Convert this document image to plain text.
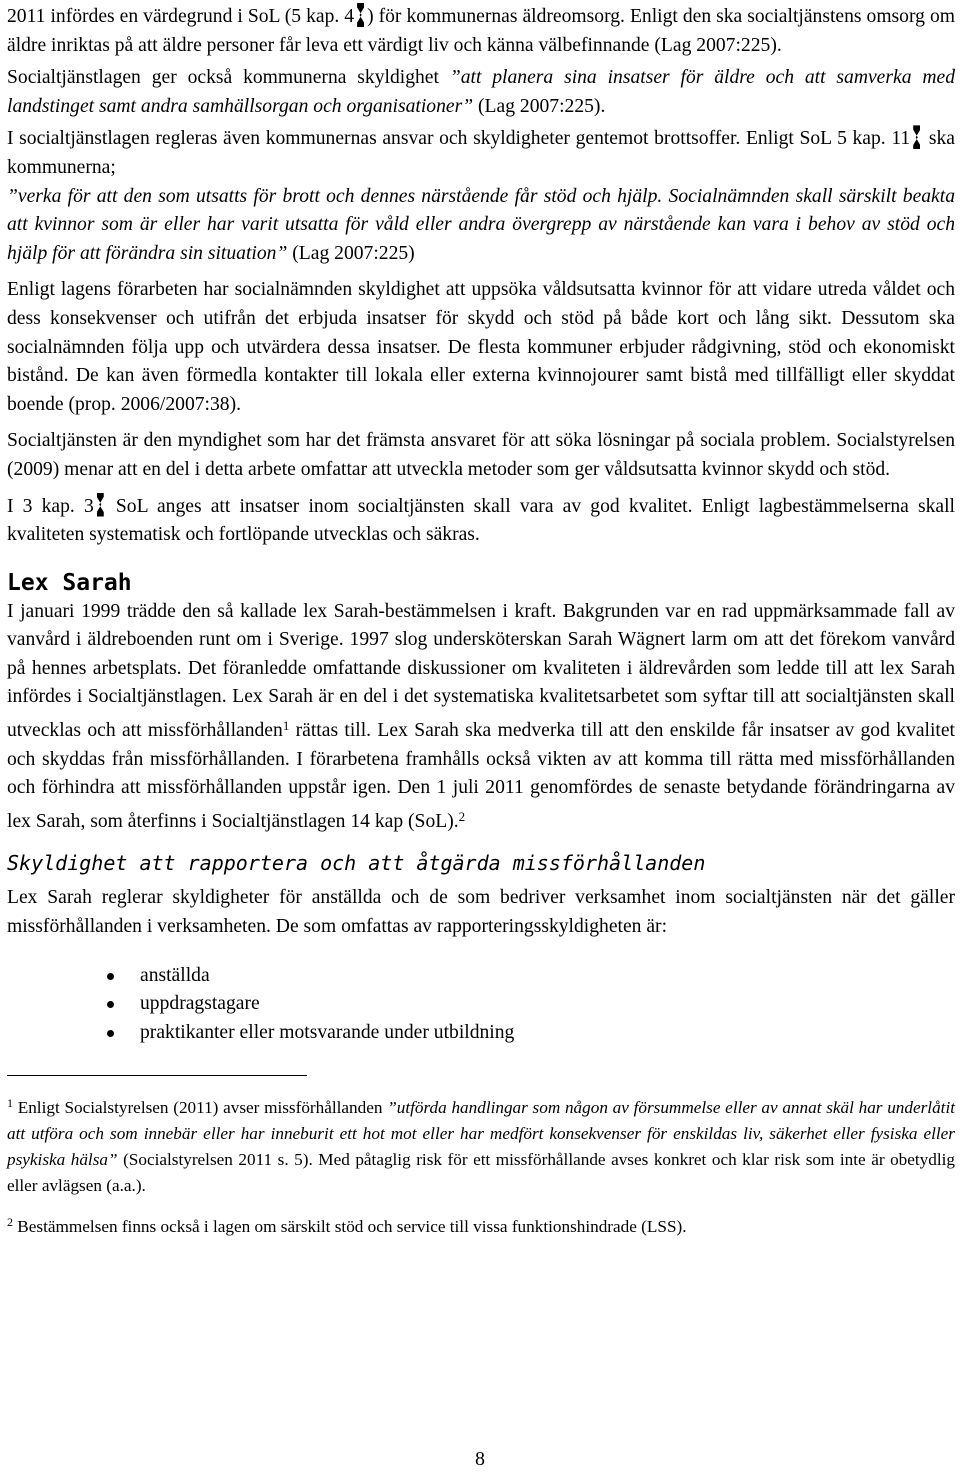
2011 infördes en värdegrund i SoL (5 kap. 4 ) för kommunernas äldreomsorg. Enligt den ska socialtjänstens omsorg om äldre inriktas på att äldre personer får leva ett värdigt liv och känna välbefinnande (Lag 2007:225).

Socialtjänstlagen ger också kommunerna skyldighet ”att planera sina insatser för äldre och att samverka med landstinget samt andra samhällsorgan och organisationer” (Lag 2007:225).

I socialtjänstlagen regleras även kommunernas ansvar och skyldigheter gentemot brottsoffer. Enligt SoL 5 kap. 11 ska kommunerna;
”verka för att den som utsatts för brott och dennes närstående får stöd och hjälp. Socialnämnden skall särskilt beakta att kvinnor som är eller har varit utsatta för våld eller andra övergrepp av närstående kan vara i behov av stöd och hjälp för att förändra sin situation” (Lag 2007:225)

Enligt lagens förarbeten har socialnämnden skyldighet att uppsöka våldsutsatta kvinnor för att vidare utreda våldet och dess konsekvenser och utifrån det erbjuda insatser för skydd och stöd på både kort och lång sikt. Dessutom ska socialnämnden följa upp och utvärdera dessa insatser. De flesta kommuner erbjuder rådgivning, stöd och ekonomiskt bistånd. De kan även förmedla kontakter till lokala eller externa kvinnojourer samt bistå med tillfälligt eller skyddat boende (prop. 2006/2007:38).

Socialtjänsten är den myndighet som har det främsta ansvaret för att söka lösningar på sociala problem. Socialstyrelsen (2009) menar att en del i detta arbete omfattar att utveckla metoder som ger våldsutsatta kvinnor skydd och stöd.

I 3 kap. 3 SoL anges att insatser inom socialtjänsten skall vara av god kvalitet. Enligt lagbestämmelserna skall kvaliteten systematisk och fortlöpande utvecklas och säkras.

Lex Sarah

I januari 1999 trädde den så kallade lex Sarah-bestämmelsen i kraft. Bakgrunden var en rad uppmärksammade fall av vanvård i äldreboenden runt om i Sverige. 1997 slog undersköterskan Sarah Wägnert larm om att det förekom vanvård på hennes arbetsplats. Det föranledde omfattande diskussioner om kvaliteten i äldrevården som ledde till att lex Sarah infördes i Socialtjänstlagen. Lex Sarah är en del i det systematiska kvalitetsarbetet som syftar till att socialtjänsten skall utvecklas och att missförhållanden$^1$ rättas till. Lex Sarah ska medverka till att den enskilde får insatser av god kvalitet och skyddas från missförhållanden. I förarbetena framhålls också vikten av att komma till rätta med missförhållanden och förhindra att missförhållanden uppstår igen. Den 1 juli 2011 genomfördes de senaste betydande förändringarna av lex Sarah, som återfinns i Socialtjänstlagen 14 kap (SoL).$^2$

Skyldighet att rapportera och att åtgärda missförhållanden

Lex Sarah reglerar skyldigheter för anställda och de som bedriver verksamhet inom socialtjänsten när det gäller missförhållanden i verksamheten. De som omfattas av rapporteringsskyldigheten är:

anställda
uppdragstagare
praktikanter eller motsvarande under utbildning

$^1$ Enligt Socialstyrelsen (2011) avser missförhållanden ”utförda handlingar som någon av försummelse eller av annat skäl har underlåtit att utföra och som innebär eller har inneburit ett hot mot eller har medfört konsekvenser för enskildas liv, säkerhet eller fysiska eller psykiska hälsa” (Socialstyrelsen 2011 s. 5). Med påtaglig risk för ett missförhållande avses konkret och klar risk som inte är obetydlig eller avlägsen (a.a.).

$^2$ Bestämmelsen finns också i lagen om särskilt stöd och service till vissa funktionshindrade (LSS).

8
